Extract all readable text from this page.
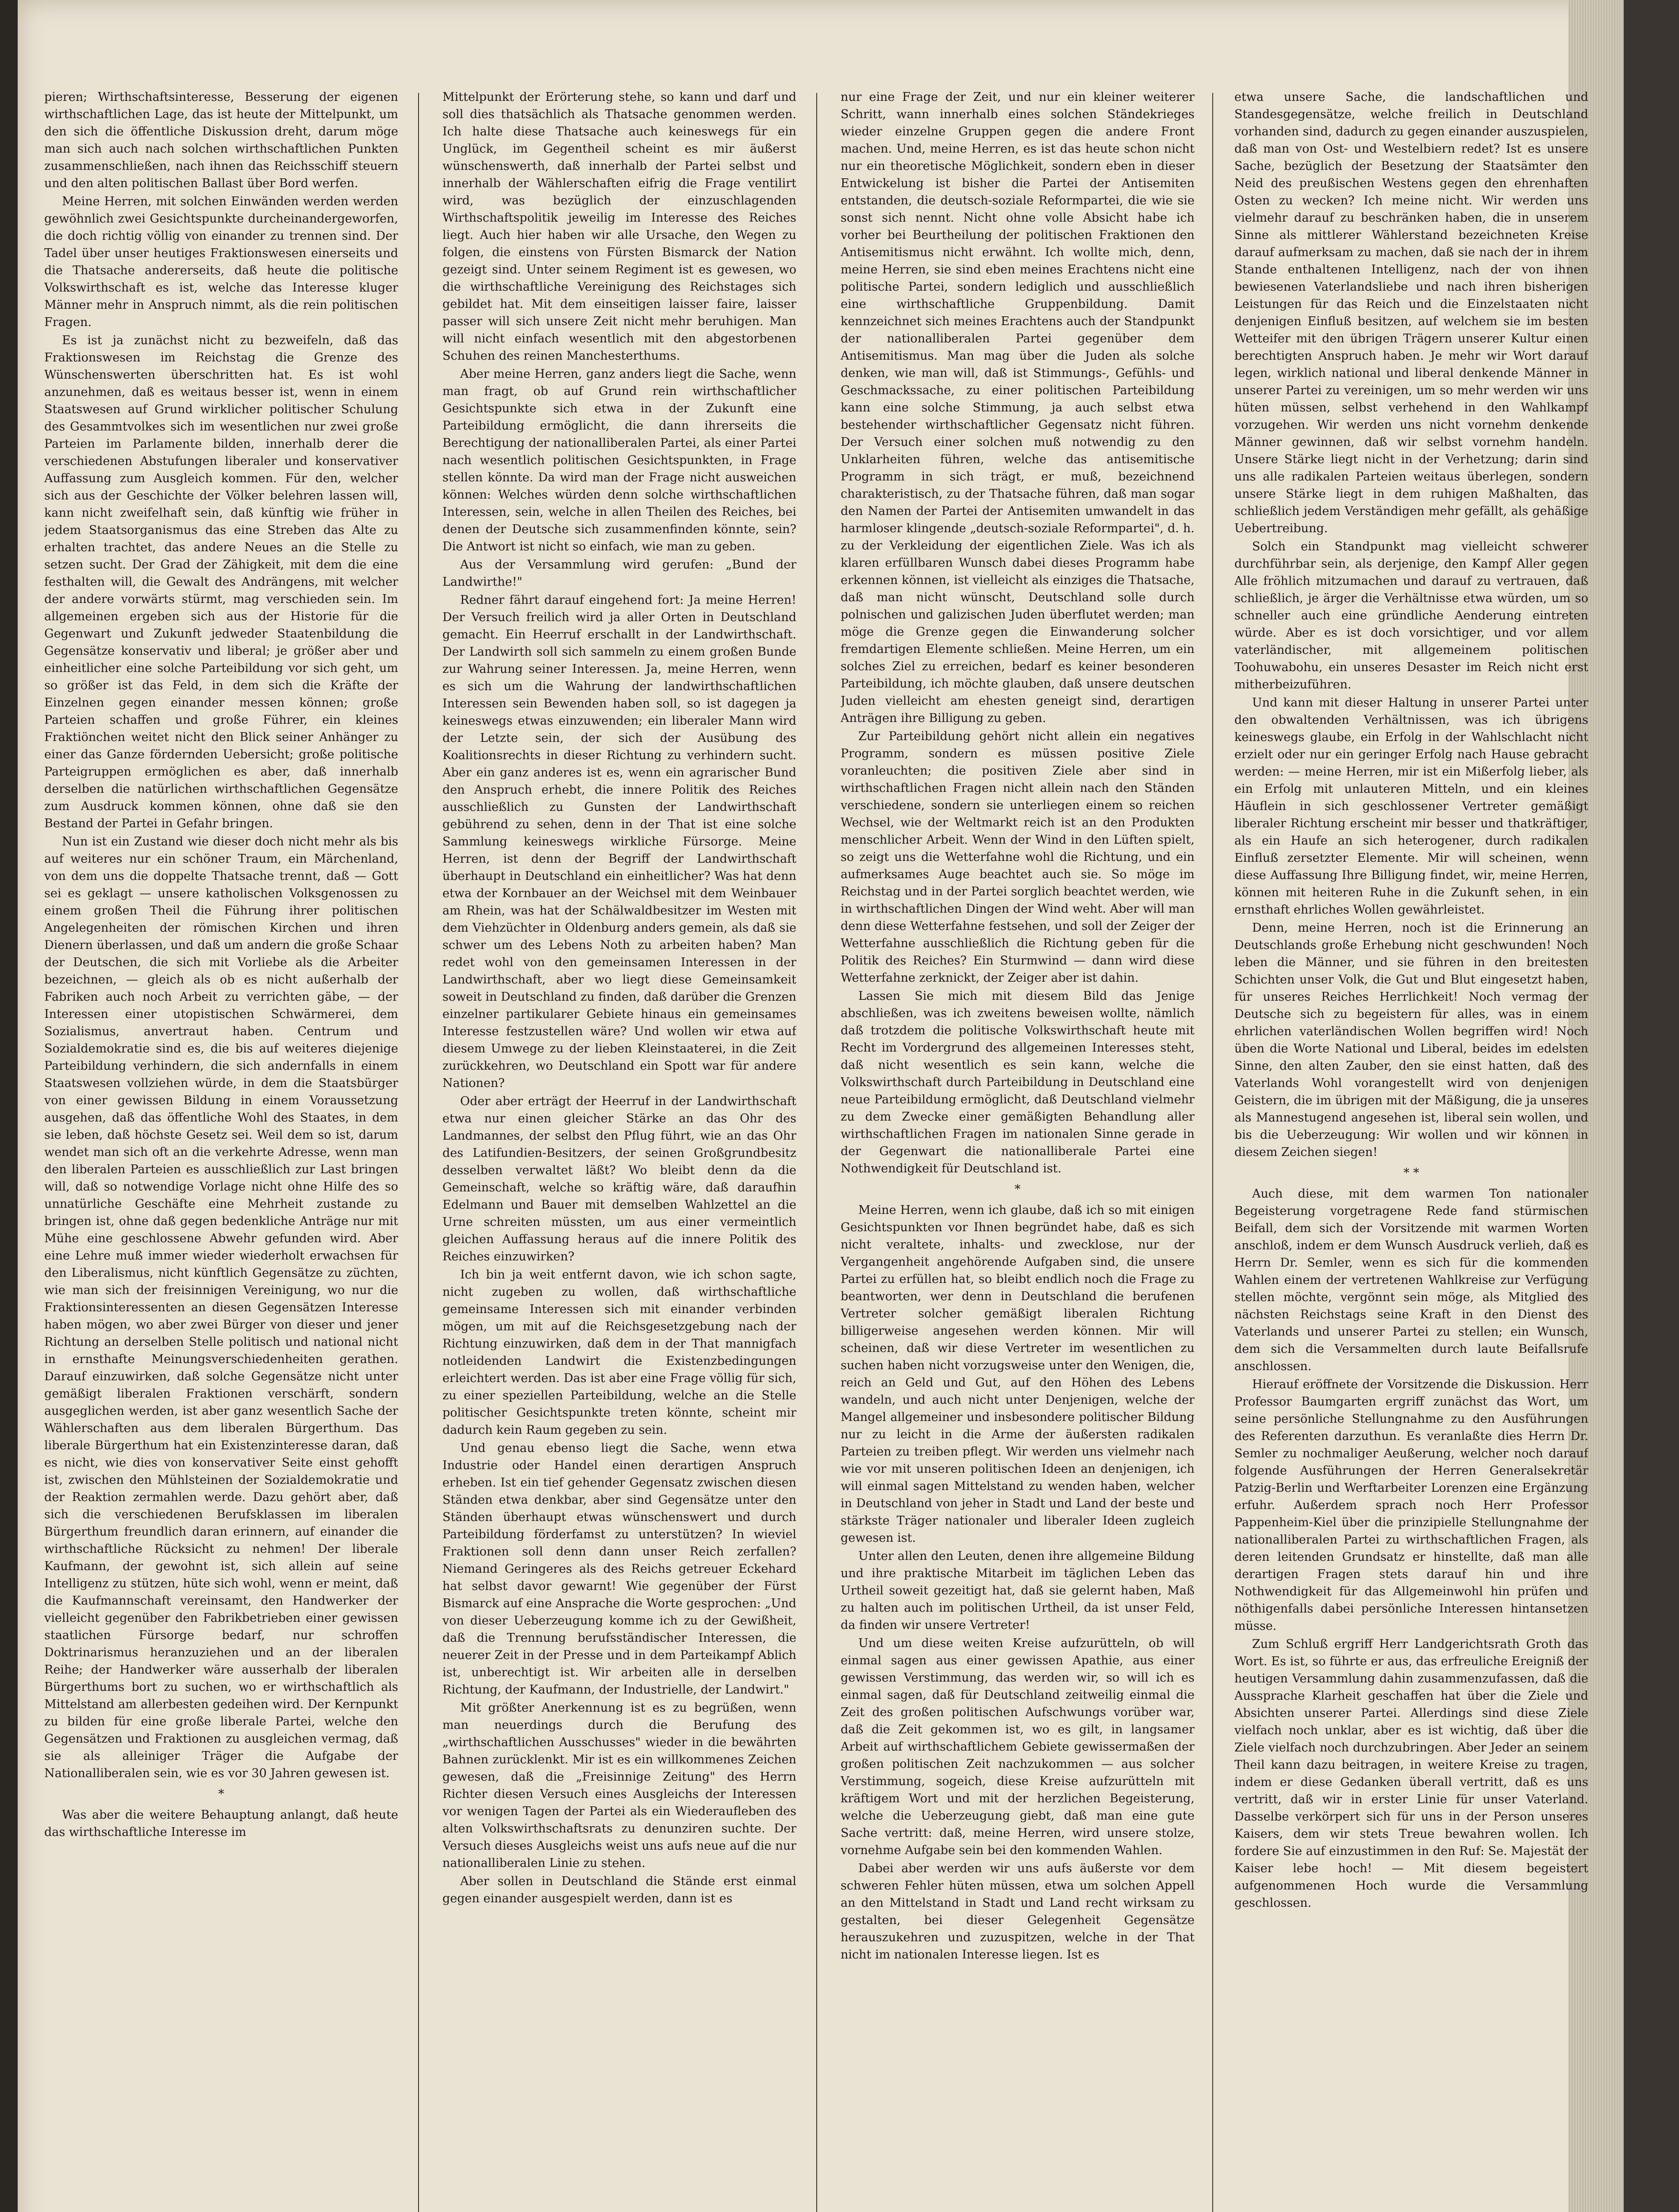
pieren; Wirthschaftsinteresse, Besserung der eigenen wirthschaftlichen Lage, das ist heute der Mittelpunkt, um den sich die öffentliche Diskussion dreht, darum möge man sich auch nach solchen wirthschaftlichen Punkten zusammenschließen, nach ihnen das Reichsschiff steuern und den alten politischen Ballast über Bord werfen.

Meine Herren, mit solchen Einwänden werden werden gewöhnlich zwei Gesichtspunkte durcheinandergeworfen, die doch richtig völlig von einander zu trennen sind. Der Tadel über unser heutiges Fraktionswesen einerseits und die Thatsache andererseits, daß heute die politische Volkswirthschaft es ist, welche das Interesse kluger Männer mehr in Anspruch nimmt, als die rein politischen Fragen.

Es ist ja zunächst nicht zu bezweifeln, daß das Fraktionswesen im Reichstag die Grenze des Wünschenswerten überschritten hat. Es ist wohl anzunehmen, daß es weitaus besser ist, wenn in einem Staatswesen auf Grund wirklicher politischer Schulung des Gesammtvolkes sich im wesentlichen nur zwei große Parteien im Parlamente bilden, innerhalb derer die verschiedenen Abstufungen liberaler und konservativer Auffassung zum Ausgleich kommen. Für den, welcher sich aus der Geschichte der Völker belehren lassen will, kann nicht zweifelhaft sein, daß künftig wie früher in jedem Staatsorganismus das eine Streben das Alte zu erhalten trachtet, das andere Neues an die Stelle zu setzen sucht. Der Grad der Zähigkeit, mit dem die eine festhalten will, die Gewalt des Andrängens, mit welcher der andere vorwärts stürmt, mag verschieden sein. Im allgemeinen ergeben sich aus der Historie für die Gegenwart und Zukunft jedweder Staatenbildung die Gegensätze konservativ und liberal; je größer aber und einheitlicher eine solche Parteibildung vor sich geht, um so größer ist das Feld, in dem sich die Kräfte der Einzelnen gegen einander messen können; große Parteien schaffen und große Führer, ein kleines Fraktiönchen weitet nicht den Blick seiner Anhänger zu einer das Ganze fördernden Uebersicht; große politische Parteigruppen ermöglichen es aber, daß innerhalb derselben die natürlichen wirthschaftlichen Gegensätze zum Ausdruck kommen können, ohne daß sie den Bestand der Partei in Gefahr bringen.

Nun ist ein Zustand wie dieser doch nicht mehr als bis auf weiteres nur ein schöner Traum, ein Märchenland, von dem uns die doppelte Thatsache trennt, daß — Gott sei es geklagt — unsere katholischen Volksgenossen zu einem großen Theil die Führung ihrer politischen Angelegenheiten der römischen Kirchen und ihren Dienern überlassen, und daß um andern die große Schaar der Deutschen, die sich mit Vorliebe als die Arbeiter bezeichnen, — gleich als ob es nicht außerhalb der Fabriken auch noch Arbeit zu verrichten gäbe, — der Interessen einer utopistischen Schwärmerei, dem Sozialismus, anvertraut haben. Centrum und Sozialdemokratie sind es, die bis auf weiteres diejenige Parteibildung verhindern, die sich andernfalls in einem Staatswesen vollziehen würde, in dem die Staatsbürger von einer gewissen Bildung in einem Voraussetzung ausgehen, daß das öffentliche Wohl des Staates, in dem sie leben, daß höchste Gesetz sei. Weil dem so ist, darum wendet man sich oft an die verkehrte Adresse, wenn man den liberalen Parteien es ausschließlich zur Last bringen will, daß so notwendige Vorlage nicht ohne Hilfe des so unnatürliche Geschäfte eine Mehrheit zustande zu bringen ist, ohne daß gegen bedenkliche Anträge nur mit Mühe eine geschlossene Abwehr gefunden wird. Aber eine Lehre muß immer wieder wiederholt erwachsen für den Liberalismus, nicht künftlich Gegensätze zu züchten, wie man sich der freisinnigen Vereinigung, wo nur die Fraktionsinteressenten an diesen Gegensätzen Interesse haben mögen, wo aber zwei Bürger von dieser und jener Richtung an derselben Stelle politisch und national nicht in ernsthafte Meinungsverschiedenheiten gerathen. Darauf einzuwirken, daß solche Gegensätze nicht unter gemäßigt liberalen Fraktionen verschärft, sondern ausgeglichen werden, ist aber ganz wesentlich Sache der Wählerschaften aus dem liberalen Bürgerthum. Das liberale Bürgerthum hat ein Existenzinteresse daran, daß es nicht, wie dies von konservativer Seite einst gehofft ist, zwischen den Mühlsteinen der Sozialdemokratie und der Reaktion zermahlen werde. Dazu gehört aber, daß sich die verschiedenen Berufsklassen im liberalen Bürgerthum freundlich daran erinnern, auf einander die wirthschaftliche Rücksicht zu nehmen! Der liberale Kaufmann, der gewohnt ist, sich allein auf seine Intelligenz zu stützen, hüte sich wohl, wenn er meint, daß die Kaufmannschaft vereinsamt, den Handwerker der vielleicht gegenüber den Fabrikbetrieben einer gewissen staatlichen Fürsorge bedarf, nur schroffen Doktrinarismus heranzuziehen und an der liberalen Reihe; der Handwerker wäre ausserhalb der liberalen Bürgerthums bort zu suchen, wo er wirthschaftlich als Mittelstand am allerbesten gedeihen wird. Der Kernpunkt zu bilden für eine große liberale Partei, welche den Gegensätzen und Fraktionen zu ausgleichen vermag, daß sie als alleiniger Träger die Aufgabe der Nationalliberalen sein, wie es vor 30 Jahren gewesen ist.

*

Was aber die weitere Behauptung anlangt, daß heute das wirthschaftliche Interesse im

Mittelpunkt der Erörterung stehe, so kann und darf und soll dies thatsächlich als Thatsache genommen werden. Ich halte diese Thatsache auch keineswegs für ein Unglück, im Gegentheil scheint es mir äußerst wünschenswerth, daß innerhalb der Partei selbst und innerhalb der Wählerschaften eifrig die Frage ventilirt wird, was bezüglich der einzuschlagenden Wirthschaftspolitik jeweilig im Interesse des Reiches liegt. Auch hier haben wir alle Ursache, den Wegen zu folgen, die einstens von Fürsten Bismarck der Nation gezeigt sind. Unter seinem Regiment ist es gewesen, wo die wirthschaftliche Vereinigung des Reichstages sich gebildet hat. Mit dem einseitigen laisser faire, laisser passer will sich unsere Zeit nicht mehr beruhigen. Man will nicht einfach wesentlich mit den abgestorbenen Schuhen des reinen Manchesterthums.

Aber meine Herren, ganz anders liegt die Sache, wenn man fragt, ob auf Grund rein wirthschaftlicher Gesichtspunkte sich etwa in der Zukunft eine Parteibildung ermöglicht, die dann ihrerseits die Berechtigung der nationalliberalen Partei, als einer Partei nach wesentlich politischen Gesichtspunkten, in Frage stellen könnte. Da wird man der Frage nicht ausweichen können: Welches würden denn solche wirthschaftlichen Interessen, sein, welche in allen Theilen des Reiches, bei denen der Deutsche sich zusammenfinden könnte, sein? Die Antwort ist nicht so einfach, wie man zu geben.

Aus der Versammlung wird gerufen: „Bund der Landwirthe!"

Redner fährt darauf eingehend fort: Ja meine Herren! Der Versuch freilich wird ja aller Orten in Deutschland gemacht. Ein Heerruf erschallt in der Landwirthschaft. Der Landwirth soll sich sammeln zu einem großen Bunde zur Wahrung seiner Interessen. Ja, meine Herren, wenn es sich um die Wahrung der landwirthschaftlichen Interessen sein Bewenden haben soll, so ist dagegen ja keineswegs etwas einzuwenden; ein liberaler Mann wird der Letzte sein, der sich der Ausübung des Koalitionsrechts in dieser Richtung zu verhindern sucht. Aber ein ganz anderes ist es, wenn ein agrarischer Bund den Anspruch erhebt, die innere Politik des Reiches ausschließlich zu Gunsten der Landwirthschaft gebührend zu sehen, denn in der That ist eine solche Sammlung keineswegs wirkliche Fürsorge. Meine Herren, ist denn der Begriff der Landwirthschaft überhaupt in Deutschland ein einheitlicher? Was hat denn etwa der Kornbauer an der Weichsel mit dem Weinbauer am Rhein, was hat der Schälwaldbesitzer im Westen mit dem Viehzüchter in Oldenburg anders gemein, als daß sie schwer um des Lebens Noth zu arbeiten haben? Man redet wohl von den gemeinsamen Interessen in der Landwirthschaft, aber wo liegt diese Gemeinsamkeit soweit in Deutschland zu finden, daß darüber die Grenzen einzelner partikularer Gebiete hinaus ein gemeinsames Interesse festzustellen wäre? Und wollen wir etwa auf diesem Umwege zu der lieben Kleinstaaterei, in die Zeit zurückkehren, wo Deutschland ein Spott war für andere Nationen?

Oder aber erträgt der Heerruf in der Landwirthschaft etwa nur einen gleicher Stärke an das Ohr des Landmannes, der selbst den Pflug führt, wie an das Ohr des Latifundien-Besitzers, der seinen Großgrundbesitz desselben verwaltet läßt? Wo bleibt denn da die Gemeinschaft, welche so kräftig wäre, daß daraufhin Edelmann und Bauer mit demselben Wahlzettel an die Urne schreiten müssten, um aus einer vermeintlich gleichen Auffassung heraus auf die innere Politik des Reiches einzuwirken?

Ich bin ja weit entfernt davon, wie ich schon sagte, nicht zugeben zu wollen, daß wirthschaftliche gemeinsame Interessen sich mit einander verbinden mögen, um mit auf die Reichsgesetzgebung nach der Richtung einzuwirken, daß dem in der That mannigfach notleidenden Landwirt die Existenzbedingungen erleichtert werden. Das ist aber eine Frage völlig für sich, zu einer speziellen Parteibildung, welche an die Stelle politischer Gesichtspunkte treten könnte, scheint mir dadurch kein Raum gegeben zu sein.

Und genau ebenso liegt die Sache, wenn etwa Industrie oder Handel einen derartigen Anspruch erheben. Ist ein tief gehender Gegensatz zwischen diesen Ständen etwa denkbar, aber sind Gegensätze unter den Ständen überhaupt etwas wünschenswert und durch Parteibildung förderfamst zu unterstützen? In wieviel Fraktionen soll denn dann unser Reich zerfallen? Niemand Geringeres als des Reichs getreuer Eckehard hat selbst davor gewarnt! Wie gegenüber der Fürst Bismarck auf eine Ansprache die Worte gesprochen: „Und von dieser Ueberzeugung komme ich zu der Gewißheit, daß die Trennung berufsständischer Interessen, die neuerer Zeit in der Presse und in dem Parteikampf Ablich ist, unberechtigt ist. Wir arbeiten alle in derselben Richtung, der Kaufmann, der Industrielle, der Landwirt."

Mit größter Anerkennung ist es zu begrüßen, wenn man neuerdings durch die Berufung des „wirthschaftlichen Ausschusses" wieder in die bewährten Bahnen zurücklenkt. Mir ist es ein willkommenes Zeichen gewesen, daß die „Freisinnige Zeitung" des Herrn Richter diesen Versuch eines Ausgleichs der Interessen vor wenigen Tagen der Partei als ein Wiederaufleben des alten Volkswirthschaftsrats zu denunziren suchte. Der Versuch dieses Ausgleichs weist uns aufs neue auf die nur nationalliberalen Linie zu stehen.

Aber sollen in Deutschland die Stände erst einmal gegen einander ausgespielt werden, dann ist es

nur eine Frage der Zeit, und nur ein kleiner weiterer Schritt, wann innerhalb eines solchen Ständekrieges wieder einzelne Gruppen gegen die andere Front machen. Und, meine Herren, es ist das heute schon nicht nur ein theoretische Möglichkeit, sondern eben in dieser Entwickelung ist bisher die Partei der Antisemiten entstanden, die deutsch-soziale Reformpartei, die wie sie sonst sich nennt. Nicht ohne volle Absicht habe ich vorher bei Beurtheilung der politischen Fraktionen den Antisemitismus nicht erwähnt. Ich wollte mich, denn, meine Herren, sie sind eben meines Erachtens nicht eine politische Partei, sondern lediglich und ausschließlich eine wirthschaftliche Gruppenbildung. Damit kennzeichnet sich meines Erachtens auch der Standpunkt der nationalliberalen Partei gegenüber dem Antisemitismus. Man mag über die Juden als solche denken, wie man will, daß ist Stimmungs-, Gefühls- und Geschmackssache, zu einer politischen Parteibildung kann eine solche Stimmung, ja auch selbst etwa bestehender wirthschaftlicher Gegensatz nicht führen. Der Versuch einer solchen muß notwendig zu den Unklarheiten führen, welche das antisemitische Programm in sich trägt, er muß, bezeichnend charakteristisch, zu der Thatsache führen, daß man sogar den Namen der Partei der Antisemiten umwandelt in das harmloser klingende „deutsch-soziale Reformpartei", d. h. zu der Verkleidung der eigentlichen Ziele. Was ich als klaren erfüllbaren Wunsch dabei dieses Programm habe erkennen können, ist vielleicht als einziges die Thatsache, daß man nicht wünscht, Deutschland solle durch polnischen und galizischen Juden überflutet werden; man möge die Grenze gegen die Einwanderung solcher fremdartigen Elemente schließen. Meine Herren, um ein solches Ziel zu erreichen, bedarf es keiner besonderen Parteibildung, ich möchte glauben, daß unsere deutschen Juden vielleicht am ehesten geneigt sind, derartigen Anträgen ihre Billigung zu geben.

Zur Parteibildung gehört nicht allein ein negatives Programm, sondern es müssen positive Ziele voranleuchten; die positiven Ziele aber sind in wirthschaftlichen Fragen nicht allein nach den Ständen verschiedene, sondern sie unterliegen einem so reichen Wechsel, wie der Weltmarkt reich ist an den Produkten menschlicher Arbeit. Wenn der Wind in den Lüften spielt, so zeigt uns die Wetterfahne wohl die Richtung, und ein aufmerksames Auge beachtet auch sie. So möge im Reichstag und in der Partei sorglich beachtet werden, wie in wirthschaftlichen Dingen der Wind weht. Aber will man denn diese Wetterfahne festsehen, und soll der Zeiger der Wetterfahne ausschließlich die Richtung geben für die Politik des Reiches? Ein Sturmwind — dann wird diese Wetterfahne zerknickt, der Zeiger aber ist dahin.

Lassen Sie mich mit diesem Bild das Jenige abschließen, was ich zweitens beweisen wollte, nämlich daß trotzdem die politische Volkswirthschaft heute mit Recht im Vordergrund des allgemeinen Interesses steht, daß nicht wesentlich es sein kann, welche die Volkswirthschaft durch Parteibildung in Deutschland eine neue Parteibildung ermöglicht, daß Deutschland vielmehr zu dem Zwecke einer gemäßigten Behandlung aller wirthschaftlichen Fragen im nationalen Sinne gerade in der Gegenwart die nationalliberale Partei eine Nothwendigkeit für Deutschland ist.

*

Meine Herren, wenn ich glaube, daß ich so mit einigen Gesichtspunkten vor Ihnen begründet habe, daß es sich nicht veraltete, inhalts- und zwecklose, nur der Vergangenheit angehörende Aufgaben sind, die unsere Partei zu erfüllen hat, so bleibt endlich noch die Frage zu beantworten, wer denn in Deutschland die berufenen Vertreter solcher gemäßigt liberalen Richtung billigerweise angesehen werden können. Mir will scheinen, daß wir diese Vertreter im wesentlichen zu suchen haben nicht vorzugsweise unter den Wenigen, die, reich an Geld und Gut, auf den Höhen des Lebens wandeln, und auch nicht unter Denjenigen, welche der Mangel allgemeiner und insbesondere politischer Bildung nur zu leicht in die Arme der äußersten radikalen Parteien zu treiben pflegt. Wir werden uns vielmehr nach wie vor mit unseren politischen Ideen an denjenigen, ich will einmal sagen Mittelstand zu wenden haben, welcher in Deutschland von jeher in Stadt und Land der beste und stärkste Träger nationaler und liberaler Ideen zugleich gewesen ist.

Unter allen den Leuten, denen ihre allgemeine Bildung und ihre praktische Mitarbeit im täglichen Leben das Urtheil soweit gezeitigt hat, daß sie gelernt haben, Maß zu halten auch im politischen Urtheil, da ist unser Feld, da finden wir unsere Vertreter!

Und um diese weiten Kreise aufzurütteln, ob will einmal sagen aus einer gewissen Apathie, aus einer gewissen Verstimmung, das werden wir, so will ich es einmal sagen, daß für Deutschland zeitweilig einmal die Zeit des großen politischen Aufschwungs vorüber war, daß die Zeit gekommen ist, wo es gilt, in langsamer Arbeit auf wirthschaftlichem Gebiete gewissermaßen der großen politischen Zeit nachzukommen — aus solcher Verstimmung, sogeich, diese Kreise aufzurütteln mit kräftigem Wort und mit der herzlichen Begeisterung, welche die Ueberzeugung giebt, daß man eine gute Sache vertritt: daß, meine Herren, wird unsere stolze, vornehme Aufgabe sein bei den kommenden Wahlen.

Dabei aber werden wir uns aufs äußerste vor dem schweren Fehler hüten müssen, etwa um solchen Appell an den Mittelstand in Stadt und Land recht wirksam zu gestalten, bei dieser Gelegenheit Gegensätze herauszukehren und zuzuspitzen, welche in der That nicht im nationalen Interesse liegen. Ist es

etwa unsere Sache, die landschaftlichen und Standesgegensätze, welche freilich in Deutschland vorhanden sind, dadurch zu gegen einander auszuspielen, daß man von Ost- und Westelbiern redet? Ist es unsere Sache, bezüglich der Besetzung der Staatsämter den Neid des preußischen Westens gegen den ehrenhaften Osten zu wecken? Ich meine nicht. Wir werden uns vielmehr darauf zu beschränken haben, die in unserem Sinne als mittlerer Wählerstand bezeichneten Kreise darauf aufmerksam zu machen, daß sie nach der in ihrem Stande enthaltenen Intelligenz, nach der von ihnen bewiesenen Vaterlandsliebe und nach ihren bisherigen Leistungen für das Reich und die Einzelstaaten nicht denjenigen Einfluß besitzen, auf welchem sie im besten Wetteifer mit den übrigen Trägern unserer Kultur einen berechtigten Anspruch haben. Je mehr wir Wort darauf legen, wirklich national und liberal denkende Männer in unserer Partei zu vereinigen, um so mehr werden wir uns hüten müssen, selbst verhehend in den Wahlkampf vorzugehen. Wir werden uns nicht vornehm denkende Männer gewinnen, daß wir selbst vornehm handeln. Unsere Stärke liegt nicht in der Verhetzung; darin sind uns alle radikalen Parteien weitaus überlegen, sondern unsere Stärke liegt in dem ruhigen Maßhalten, das schließlich jedem Verständigen mehr gefällt, als gehäßige Uebertreibung.

Solch ein Standpunkt mag vielleicht schwerer durchführbar sein, als derjenige, den Kampf Aller gegen Alle fröhlich mitzumachen und darauf zu vertrauen, daß schließlich, je ärger die Verhältnisse etwa würden, um so schneller auch eine gründliche Aenderung eintreten würde. Aber es ist doch vorsichtiger, und vor allem vaterländischer, mit allgemeinem politischen Toohuwabohu, ein unseres Desaster im Reich nicht erst mitherbeizuführen.

Und kann mit dieser Haltung in unserer Partei unter den obwaltenden Verhältnissen, was ich übrigens keineswegs glaube, ein Erfolg in der Wahlschlacht nicht erzielt oder nur ein geringer Erfolg nach Hause gebracht werden: — meine Herren, mir ist ein Mißerfolg lieber, als ein Erfolg mit unlauteren Mitteln, und ein kleines Häuflein in sich geschlossener Vertreter gemäßigt liberaler Richtung erscheint mir besser und thatkräftiger, als ein Haufe an sich heterogener, durch radikalen Einfluß zersetzter Elemente. Mir will scheinen, wenn diese Auffassung Ihre Billigung findet, wir, meine Herren, können mit heiteren Ruhe in die Zukunft sehen, in ein ernsthaft ehrliches Wollen gewährleistet.

Denn, meine Herren, noch ist die Erinnerung an Deutschlands große Erhebung nicht geschwunden! Noch leben die Männer, und sie führen in den breitesten Schichten unser Volk, die Gut und Blut eingesetzt haben, für unseres Reiches Herrlichkeit! Noch vermag der Deutsche sich zu begeistern für alles, was in einem ehrlichen vaterländischen Wollen begriffen wird! Noch üben die Worte National und Liberal, beides im edelsten Sinne, den alten Zauber, den sie einst hatten, daß des Vaterlands Wohl vorangestellt wird von denjenigen Geistern, die im übrigen mit der Mäßigung, die ja unseres als Mannestugend angesehen ist, liberal sein wollen, und bis die Ueberzeugung: Wir wollen und wir können in diesem Zeichen siegen!

* *

Auch diese, mit dem warmen Ton nationaler Begeisterung vorgetragene Rede fand stürmischen Beifall, dem sich der Vorsitzende mit warmen Worten anschloß, indem er dem Wunsch Ausdruck verlieh, daß es Herrn Dr. Semler, wenn es sich für die kommenden Wahlen einem der vertretenen Wahlkreise zur Verfügung stellen möchte, vergönnt sein möge, als Mitglied des nächsten Reichstags seine Kraft in den Dienst des Vaterlands und unserer Partei zu stellen; ein Wunsch, dem sich die Versammelten durch laute Beifallsrufe anschlossen.

Hierauf eröffnete der Vorsitzende die Diskussion. Herr Professor Baumgarten ergriff zunächst das Wort, um seine persönliche Stellungnahme zu den Ausführungen des Referenten darzuthun. Es veranlaßte dies Herrn Dr. Semler zu nochmaliger Aeußerung, welcher noch darauf folgende Ausführungen der Herren Generalsekretär Patzig-Berlin und Werftarbeiter Lorenzen eine Ergänzung erfuhr. Außerdem sprach noch Herr Professor Pappenheim-Kiel über die prinzipielle Stellungnahme der nationalliberalen Partei zu wirthschaftlichen Fragen, als deren leitenden Grundsatz er hinstellte, daß man alle derartigen Fragen stets darauf hin und ihre Nothwendigkeit für das Allgemeinwohl hin prüfen und nöthigenfalls dabei persönliche Interessen hintansetzen müsse.

Zum Schluß ergriff Herr Landgerichtsrath Groth das Wort. Es ist, so führte er aus, das erfreuliche Ereigniß der heutigen Versammlung dahin zusammenzufassen, daß die Aussprache Klarheit geschaffen hat über die Ziele und Absichten unserer Partei. Allerdings sind diese Ziele vielfach noch unklar, aber es ist wichtig, daß über die Ziele vielfach noch durchzubringen. Aber Jeder an seinem Theil kann dazu beitragen, in weitere Kreise zu tragen, indem er diese Gedanken überall vertritt, daß es uns vertritt, daß wir in erster Linie für unser Vaterland. Dasselbe verkörpert sich für uns in der Person unseres Kaisers, dem wir stets Treue bewahren wollen. Ich fordere Sie auf einzustimmen in den Ruf: Se. Majestät der Kaiser lebe hoch! — Mit diesem begeistert aufgenommenen Hoch wurde die Versammlung geschlossen.
